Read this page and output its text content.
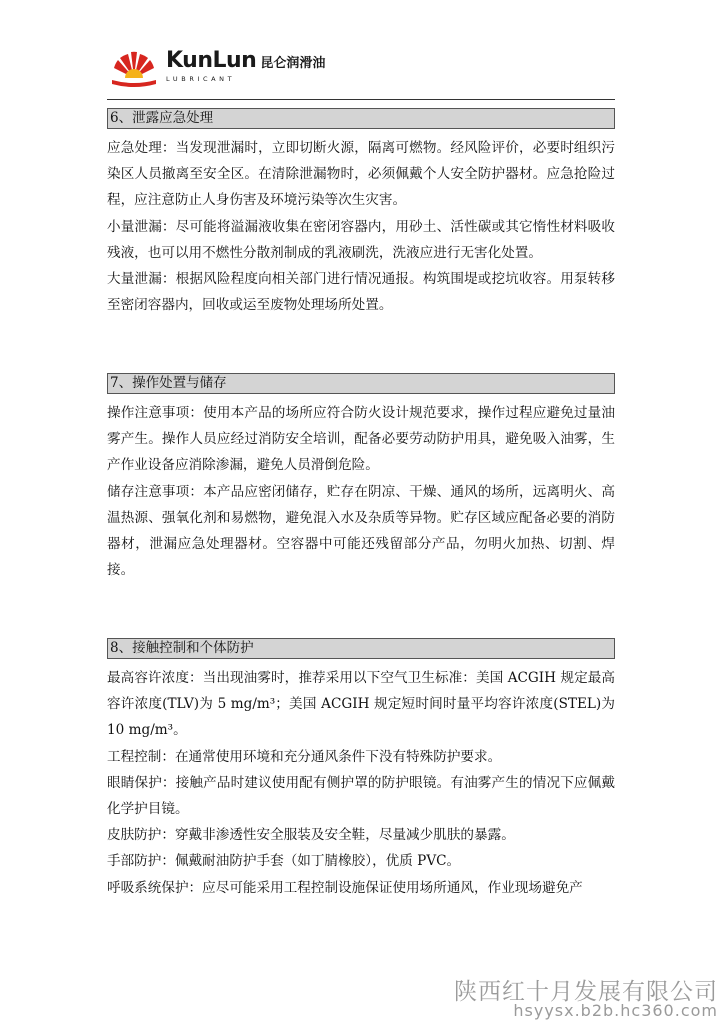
KunLun 昆仑润滑油
LUBRICANT
6、泄露应急处理

应急处理：当发现泄漏时，立即切断火源，隔离可燃物。经风险评价，必要时组织污染区人员撤离至安全区。在清除泄漏物时，必须佩戴个人安全防护器材。应急抢险过程，应注意防止人身伤害及环境污染等次生灾害。

小量泄漏：尽可能将溢漏液收集在密闭容器内，用砂土、活性碳或其它惰性材料吸收残液，也可以用不燃性分散剂制成的乳液刷洗，洗液应进行无害化处置。

大量泄漏：根据风险程度向相关部门进行情况通报。构筑围堤或挖坑收容。用泵转移至密闭容器内，回收或运至废物处理场所处置。

7、操作处置与储存

操作注意事项：使用本产品的场所应符合防火设计规范要求，操作过程应避免过量油雾产生。操作人员应经过消防安全培训，配备必要劳动防护用具，避免吸入油雾，生产作业设备应消除渗漏，避免人员滑倒危险。

储存注意事项：本产品应密闭储存，贮存在阴凉、干燥、通风的场所，远离明火、高温热源、强氧化剂和易燃物，避免混入水及杂质等异物。贮存区域应配备必要的消防器材，泄漏应急处理器材。空容器中可能还残留部分产品，勿明火加热、切割、焊接。

8、接触控制和个体防护

最高容许浓度：当出现油雾时，推荐采用以下空气卫生标准：美国 ACGIH 规定最高容许浓度(TLV)为 5 mg/m³；美国 ACGIH 规定短时间时量平均容许浓度(STEL)为 10 mg/m³。

工程控制：在通常使用环境和充分通风条件下没有特殊防护要求。

眼睛保护：接触产品时建议使用配有侧护罩的防护眼镜。有油雾产生的情况下应佩戴化学护目镜。

皮肤防护：穿戴非渗透性安全服装及安全鞋，尽量减少肌肤的暴露。

手部防护：佩戴耐油防护手套（如丁腈橡胶），优质 PVC。

呼吸系统保护：应尽可能采用工程控制设施保证使用场所通风，作业现场避免产

陕西红十月发展有限公司
hsyysx.b2b.hc360.com
